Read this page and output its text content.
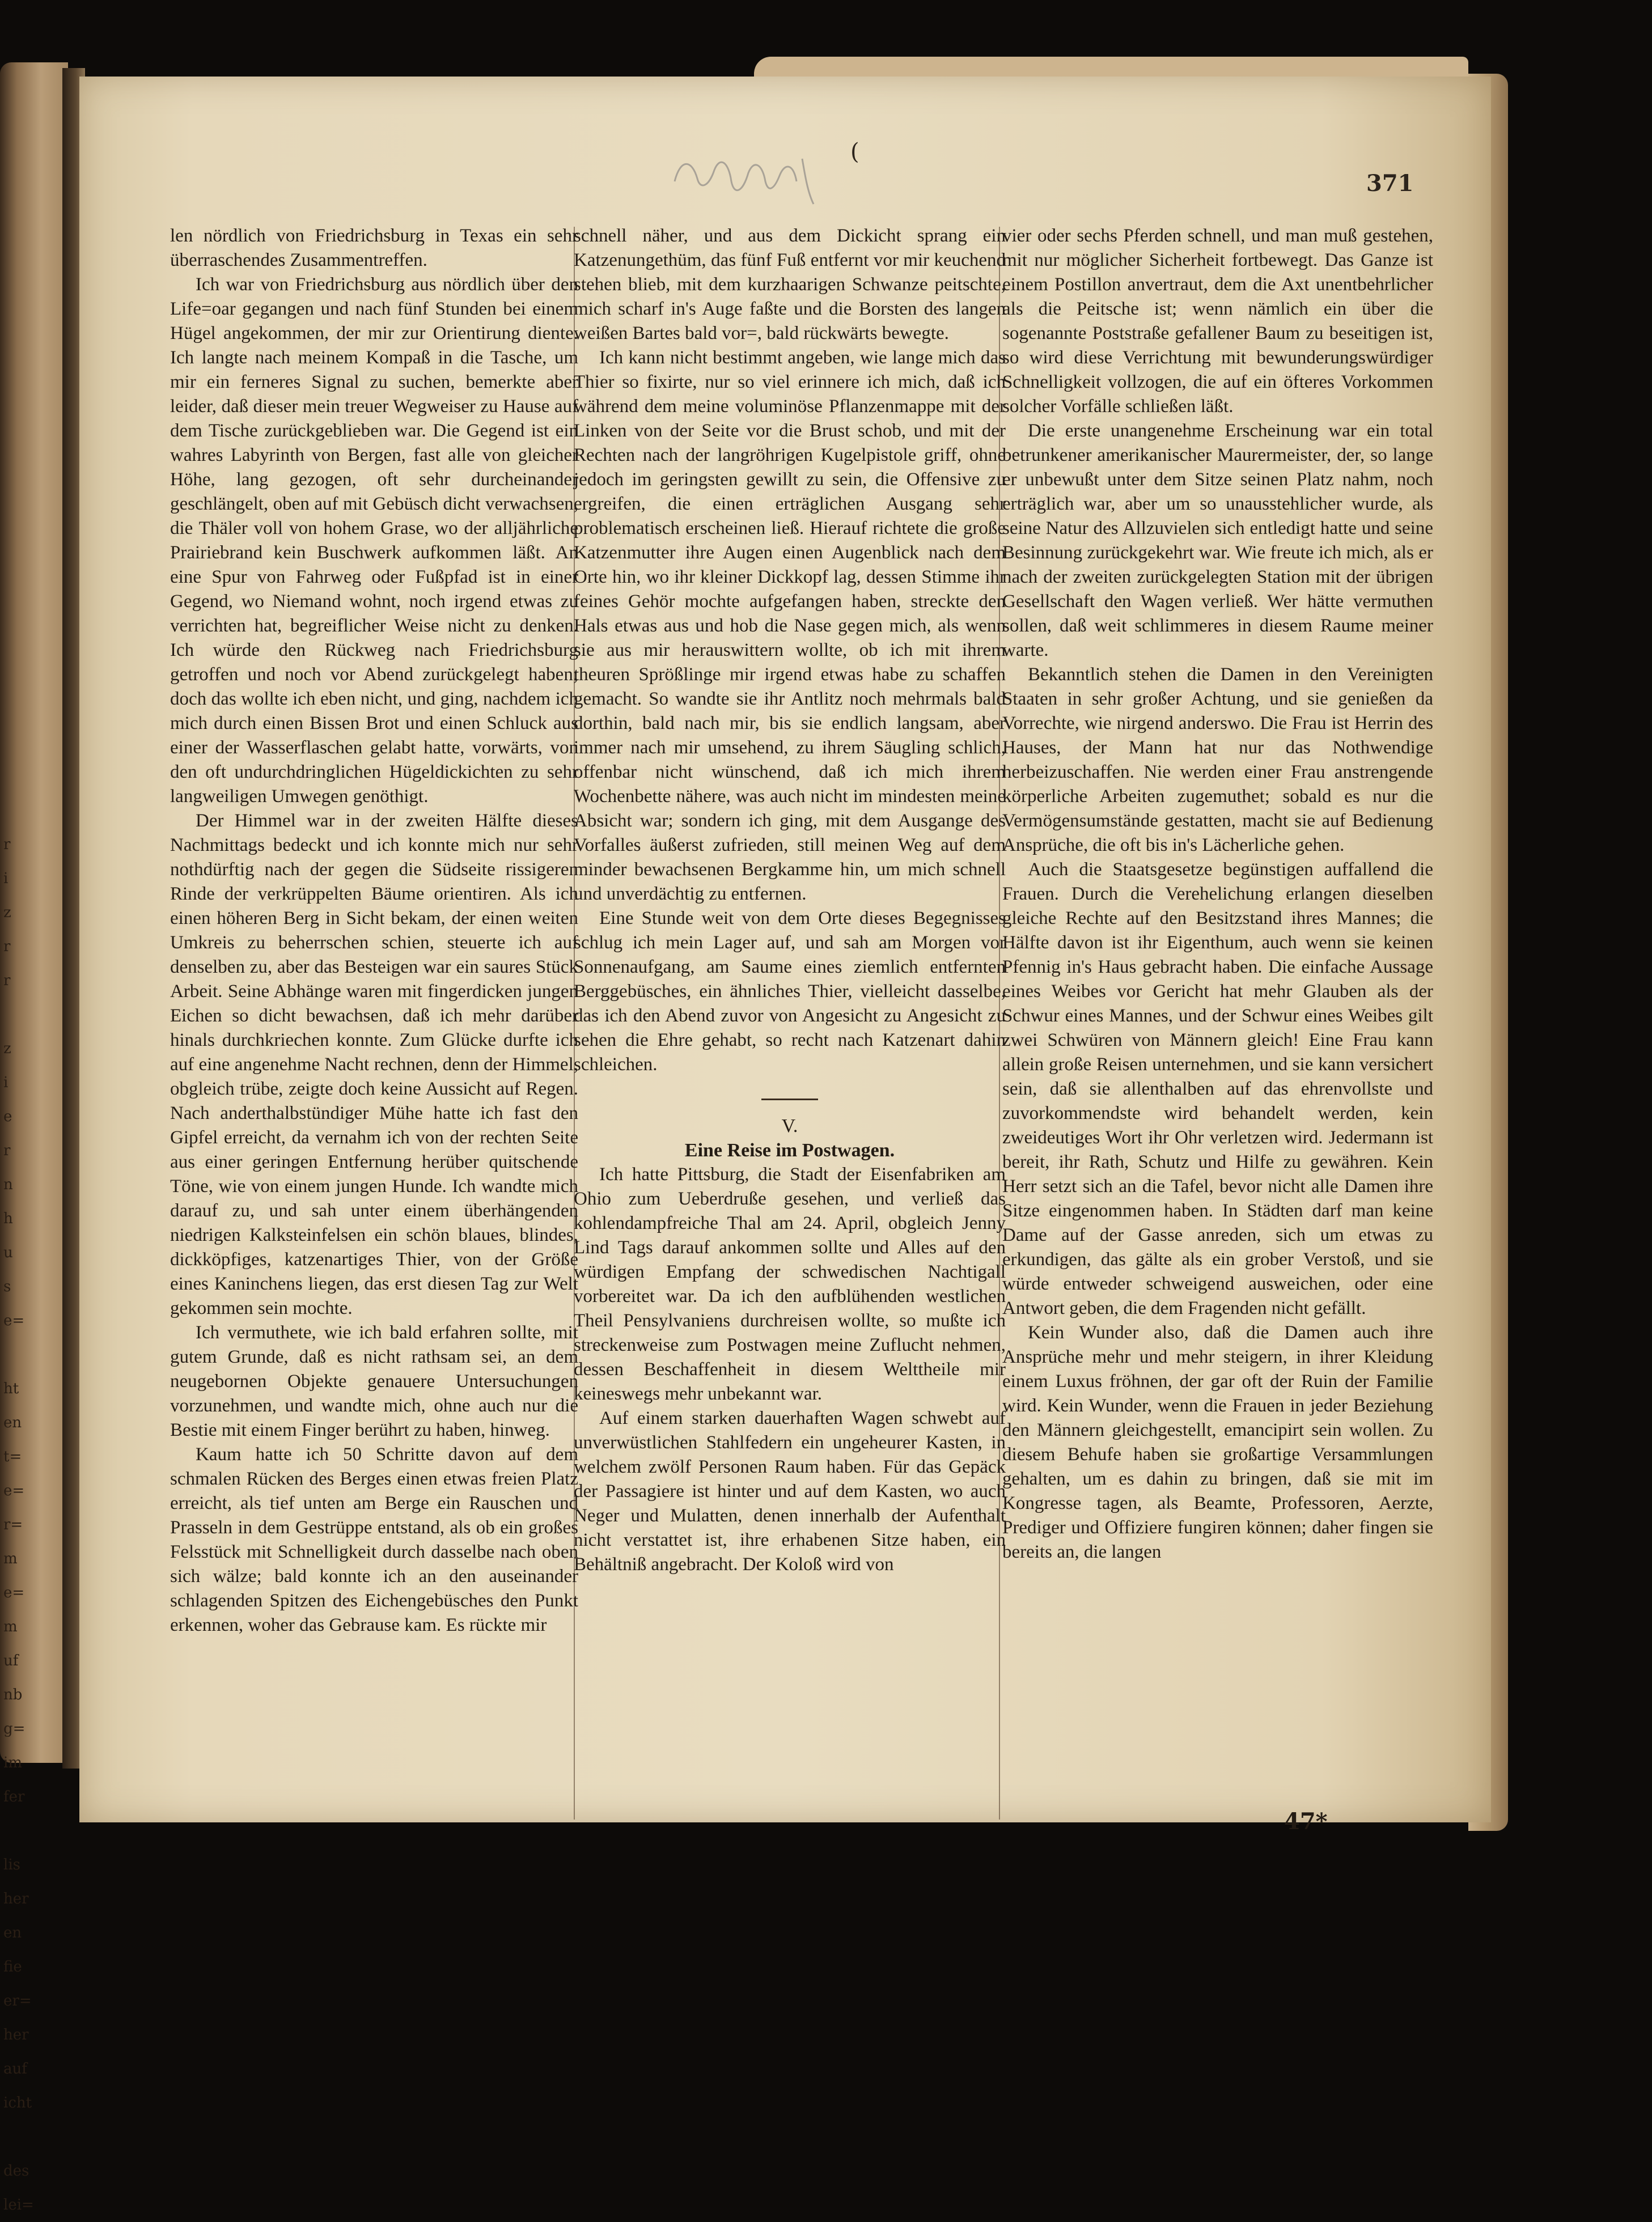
r
i
z
r
r

z
i
e
r
n
h
u
s
e=

ht
en
t=
e=
r=
m
e=
m
uf
nb
g=
im
fer

lis
her
en
fie
er=
her
auf
icht

des
lei=
(
371

len nördlich von Friedrichsburg in Texas ein sehr überraschendes Zusammentreffen.

Ich war von Friedrichsburg aus nördlich über den Life=oar gegangen und nach fünf Stunden bei einem Hügel angekommen, der mir zur Orientirung diente. Ich langte nach meinem Kompaß in die Tasche, um mir ein ferneres Signal zu suchen, bemerkte aber leider, daß dieser mein treuer Wegweiser zu Hause auf dem Tische zurückgeblieben war. Die Gegend ist ein wahres Labyrinth von Bergen, fast alle von gleicher Höhe, lang gezogen, oft sehr durcheinander geschlängelt, oben auf mit Gebüsch dicht verwachsen, die Thäler voll von hohem Grase, wo der alljährliche Prairiebrand kein Buschwerk aufkommen läßt. An eine Spur von Fahrweg oder Fußpfad ist in einer Gegend, wo Niemand wohnt, noch irgend etwas zu verrichten hat, begreiflicher Weise nicht zu denken. Ich würde den Rückweg nach Friedrichsburg getroffen und noch vor Abend zurückgelegt haben; doch das wollte ich eben nicht, und ging, nachdem ich mich durch einen Bissen Brot und einen Schluck aus einer der Wasserflaschen gelabt hatte, vorwärts, von den oft undurchdringlichen Hügeldickichten zu sehr langweiligen Umwegen genöthigt.

Der Himmel war in der zweiten Hälfte dieses Nachmittags bedeckt und ich konnte mich nur sehr nothdürftig nach der gegen die Südseite rissigeren Rinde der verkrüppelten Bäume orientiren. Als ich einen höheren Berg in Sicht bekam, der einen weiten Umkreis zu beherrschen schien, steuerte ich auf denselben zu, aber das Besteigen war ein saures Stück Arbeit. Seine Abhänge waren mit fingerdicken jungen Eichen so dicht bewachsen, daß ich mehr darüber hinals durchkriechen konnte. Zum Glücke durfte ich auf eine angenehme Nacht rechnen, denn der Himmel, obgleich trübe, zeigte doch keine Aussicht auf Regen. Nach anderthalbstündiger Mühe hatte ich fast den Gipfel erreicht, da vernahm ich von der rechten Seite aus einer geringen Entfernung herüber quitschende Töne, wie von einem jungen Hunde. Ich wandte mich darauf zu, und sah unter einem überhängenden niedrigen Kalksteinfelsen ein schön blaues, blindes, dickköpfiges, katzenartiges Thier, von der Größe eines Kaninchens liegen, das erst diesen Tag zur Welt gekommen sein mochte.

Ich vermuthete, wie ich bald erfahren sollte, mit gutem Grunde, daß es nicht rathsam sei, an dem neugebornen Objekte genauere Untersuchungen vorzunehmen, und wandte mich, ohne auch nur die Bestie mit einem Finger berührt zu haben, hinweg.

Kaum hatte ich 50 Schritte davon auf dem schmalen Rücken des Berges einen etwas freien Platz erreicht, als tief unten am Berge ein Rauschen und Prasseln in dem Gestrüppe entstand, als ob ein großes Felsstück mit Schnelligkeit durch dasselbe nach oben sich wälze; bald konnte ich an den auseinander schlagenden Spitzen des Eichengebüsches den Punkt erkennen, woher das Gebrause kam. Es rückte mir

schnell näher, und aus dem Dickicht sprang ein Katzenungethüm, das fünf Fuß entfernt vor mir keuchend stehen blieb, mit dem kurzhaarigen Schwanze peitschte, mich scharf in's Auge faßte und die Borsten des langen weißen Bartes bald vor=, bald rückwärts bewegte.

Ich kann nicht bestimmt angeben, wie lange mich das Thier so fixirte, nur so viel erinnere ich mich, daß ich während dem meine voluminöse Pflanzenmappe mit der Linken von der Seite vor die Brust schob, und mit der Rechten nach der langröhrigen Kugelpistole griff, ohne jedoch im geringsten gewillt zu sein, die Offensive zu ergreifen, die einen erträglichen Ausgang sehr problematisch erscheinen ließ. Hierauf richtete die große Katzenmutter ihre Augen einen Augenblick nach dem Orte hin, wo ihr kleiner Dickkopf lag, dessen Stimme ihr feines Gehör mochte aufgefangen haben, streckte den Hals etwas aus und hob die Nase gegen mich, als wenn sie aus mir herauswittern wollte, ob ich mit ihrem theuren Sprößlinge mir irgend etwas habe zu schaffen gemacht. So wandte sie ihr Antlitz noch mehrmals bald dorthin, bald nach mir, bis sie endlich langsam, aber immer nach mir umsehend, zu ihrem Säugling schlich, offenbar nicht wünschend, daß ich mich ihrem Wochenbette nähere, was auch nicht im mindesten meine Absicht war; sondern ich ging, mit dem Ausgange des Vorfalles äußerst zufrieden, still meinen Weg auf dem minder bewachsenen Bergkamme hin, um mich schnell und unverdächtig zu entfernen.

Eine Stunde weit von dem Orte dieses Begegnisses schlug ich mein Lager auf, und sah am Morgen vor Sonnenaufgang, am Saume eines ziemlich entfernten Berggebüsches, ein ähnliches Thier, vielleicht dasselbe, das ich den Abend zuvor von Angesicht zu Angesicht zu sehen die Ehre gehabt, so recht nach Katzenart dahin schleichen.

V.

Eine Reise im Postwagen.

Ich hatte Pittsburg, die Stadt der Eisenfabriken am Ohio zum Ueberdruße gesehen, und verließ das kohlendampfreiche Thal am 24. April, obgleich Jenny Lind Tags darauf ankommen sollte und Alles auf den würdigen Empfang der schwedischen Nachtigall vorbereitet war. Da ich den aufblühenden westlichen Theil Pensylvaniens durchreisen wollte, so mußte ich streckenweise zum Postwagen meine Zuflucht nehmen, dessen Beschaffenheit in diesem Welttheile mir keineswegs mehr unbekannt war.

Auf einem starken dauerhaften Wagen schwebt auf unverwüstlichen Stahlfedern ein ungeheurer Kasten, in welchem zwölf Personen Raum haben. Für das Gepäck der Passagiere ist hinter und auf dem Kasten, wo auch Neger und Mulatten, denen innerhalb der Aufenthalt nicht verstattet ist, ihre erhabenen Sitze haben, ein Behältniß angebracht. Der Koloß wird von

vier oder sechs Pferden schnell, und man muß gestehen, mit nur möglicher Sicherheit fortbewegt. Das Ganze ist einem Postillon anvertraut, dem die Axt unentbehrlicher als die Peitsche ist; wenn nämlich ein über die sogenannte Poststraße gefallener Baum zu beseitigen ist, so wird diese Verrichtung mit bewunderungswürdiger Schnelligkeit vollzogen, die auf ein öfteres Vorkommen solcher Vorfälle schließen läßt.

Die erste unangenehme Erscheinung war ein total betrunkener amerikanischer Maurermeister, der, so lange er unbewußt unter dem Sitze seinen Platz nahm, noch erträglich war, aber um so unausstehlicher wurde, als seine Natur des Allzuvielen sich entledigt hatte und seine Besinnung zurückgekehrt war. Wie freute ich mich, als er nach der zweiten zurückgelegten Station mit der übrigen Gesellschaft den Wagen verließ. Wer hätte vermuthen sollen, daß weit schlimmeres in diesem Raume meiner warte.

Bekanntlich stehen die Damen in den Vereinigten Staaten in sehr großer Achtung, und sie genießen da Vorrechte, wie nirgend anderswo. Die Frau ist Herrin des Hauses, der Mann hat nur das Nothwendige herbeizuschaffen. Nie werden einer Frau anstrengende körperliche Arbeiten zugemuthet; sobald es nur die Vermögensumstände gestatten, macht sie auf Bedienung Ansprüche, die oft bis in's Lächerliche gehen.

Auch die Staatsgesetze begünstigen auffallend die Frauen. Durch die Verehelichung erlangen dieselben gleiche Rechte auf den Besitzstand ihres Mannes; die Hälfte davon ist ihr Eigenthum, auch wenn sie keinen Pfennig in's Haus gebracht haben. Die einfache Aussage eines Weibes vor Gericht hat mehr Glauben als der Schwur eines Mannes, und der Schwur eines Weibes gilt zwei Schwüren von Männern gleich! Eine Frau kann allein große Reisen unternehmen, und sie kann versichert sein, daß sie allenthalben auf das ehrenvollste und zuvorkommendste wird behandelt werden, kein zweideutiges Wort ihr Ohr verletzen wird. Jedermann ist bereit, ihr Rath, Schutz und Hilfe zu gewähren. Kein Herr setzt sich an die Tafel, bevor nicht alle Damen ihre Sitze eingenommen haben. In Städten darf man keine Dame auf der Gasse anreden, sich um etwas zu erkundigen, das gälte als ein grober Verstoß, und sie würde entweder schweigend ausweichen, oder eine Antwort geben, die dem Fragenden nicht gefällt.

Kein Wunder also, daß die Damen auch ihre Ansprüche mehr und mehr steigern, in ihrer Kleidung einem Luxus fröhnen, der gar oft der Ruin der Familie wird. Kein Wunder, wenn die Frauen in jeder Beziehung den Männern gleichgestellt, emancipirt sein wollen. Zu diesem Behufe haben sie großartige Versammlungen gehalten, um es dahin zu bringen, daß sie mit im Kongresse tagen, als Beamte, Professoren, Aerzte, Prediger und Offiziere fungiren können; daher fingen sie bereits an, die langen

47*
